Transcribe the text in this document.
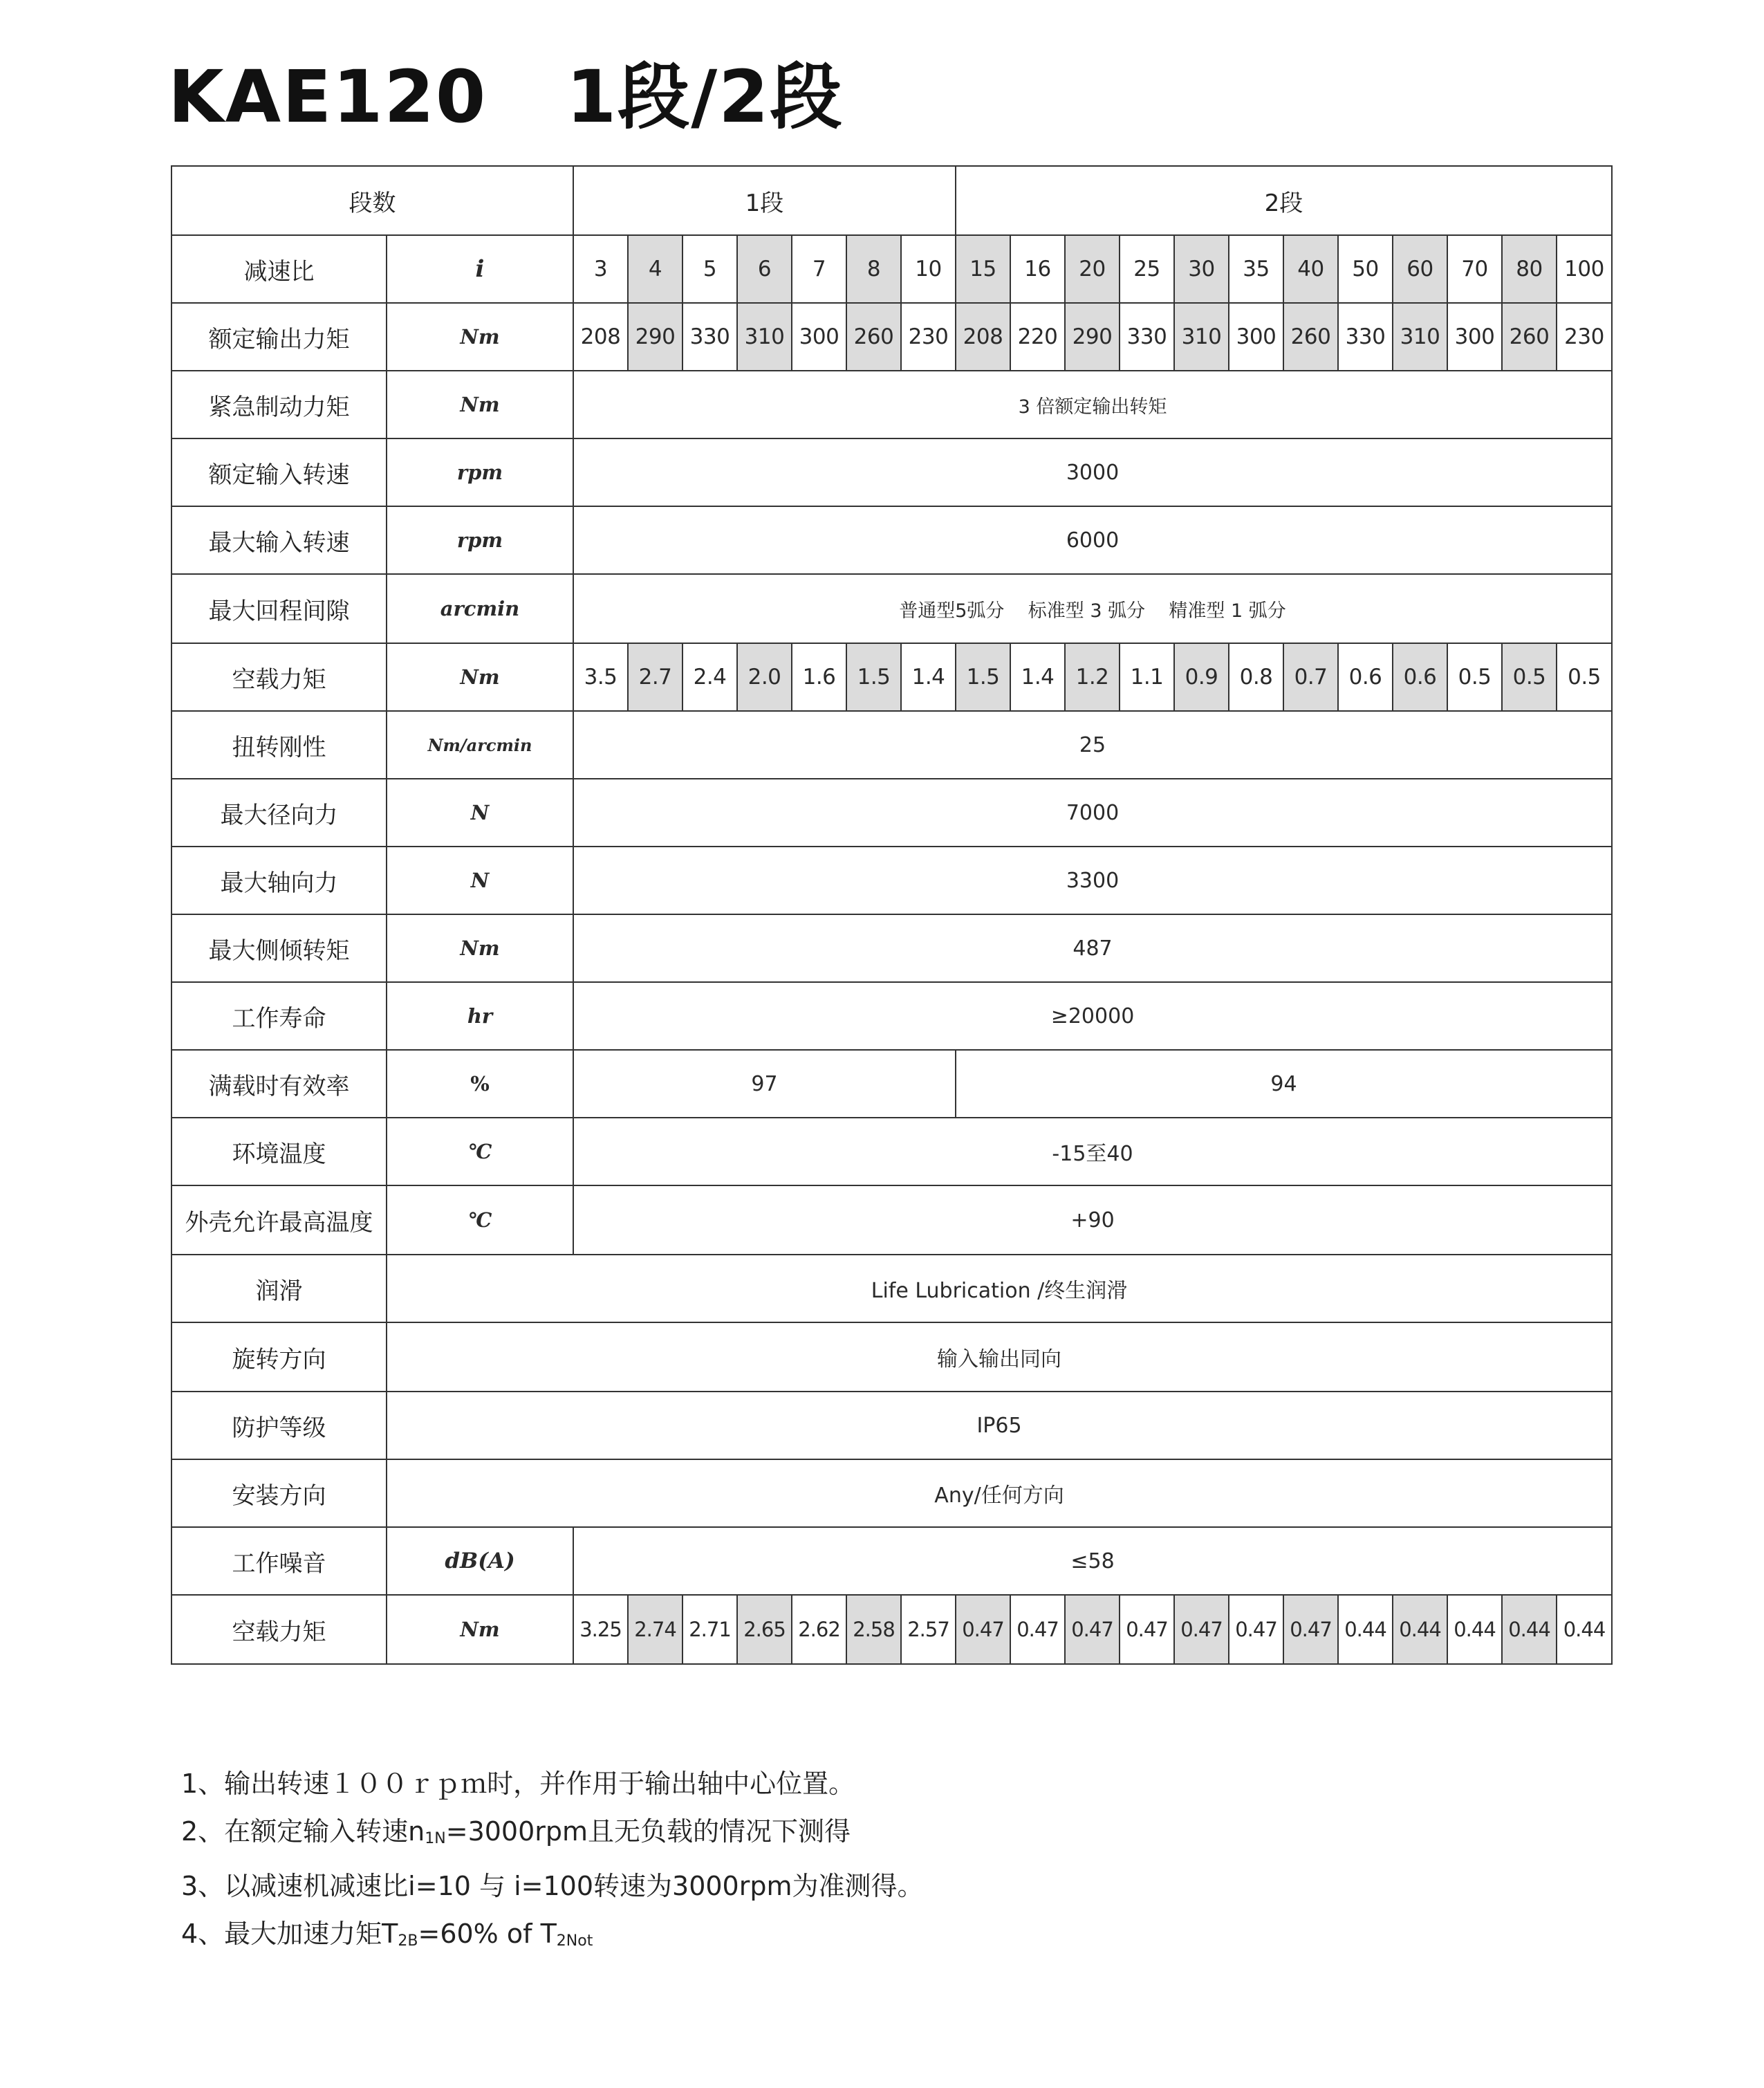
KAE120   1段/2段
段数		1段							2段											
减速比	i	3	4	5	6	7	8	10	15	16	20	25	30	35	40	50	60	70	80	100
额定输出力矩	Nm	208	290	330	310	300	260	230	208	220	290	330	310	300	260	330	310	300	260	230
紧急制动力矩	Nm	3 倍额定输出转矩																		
额定输入转速	rpm	3000																		
最大输入转速	rpm	6000																		
最大回程间隙	arcmin	普通型5弧分    标准型 3 弧分    精准型 1 弧分																		
空载力矩	Nm	3.5	2.7	2.4	2.0	1.6	1.5	1.4	1.5	1.4	1.2	1.1	0.9	0.8	0.7	0.6	0.6	0.5	0.5	0.5
扭转刚性	Nm/arcmin	25																		
最大径向力	N	7000																		
最大轴向力	N	3300																		
最大侧倾转矩	Nm	487																		
工作寿命	hr	≥20000																		
满载时有效率	%	97							94											
环境温度	℃	-15至40																		
外壳允许最高温度	℃	+90																		
润滑	Life Lubrication /终生润滑																			
旋转方向	输入输出同向																			
防护等级	IP65																			
安装方向	Any/任何方向																			
工作噪音	dB(A)	≤58																		
空载力矩	Nm	3.25	2.74	2.71	2.65	2.62	2.58	2.57	0.47	0.47	0.47	0.47	0.47	0.47	0.47	0.44	0.44	0.44	0.44	0.44
1、输出转速１００ｒｐｍ时，并作用于输出轴中心位置。
2、在额定输入转速$n_{1N}=3000rpm$且无负载的情况下测得
3、以减速机减速比i=10 与 i=100转速为3000rpm为准测得。
4、最大加速力矩$T_{2B}=60\%$ of $T_{2Not}$
